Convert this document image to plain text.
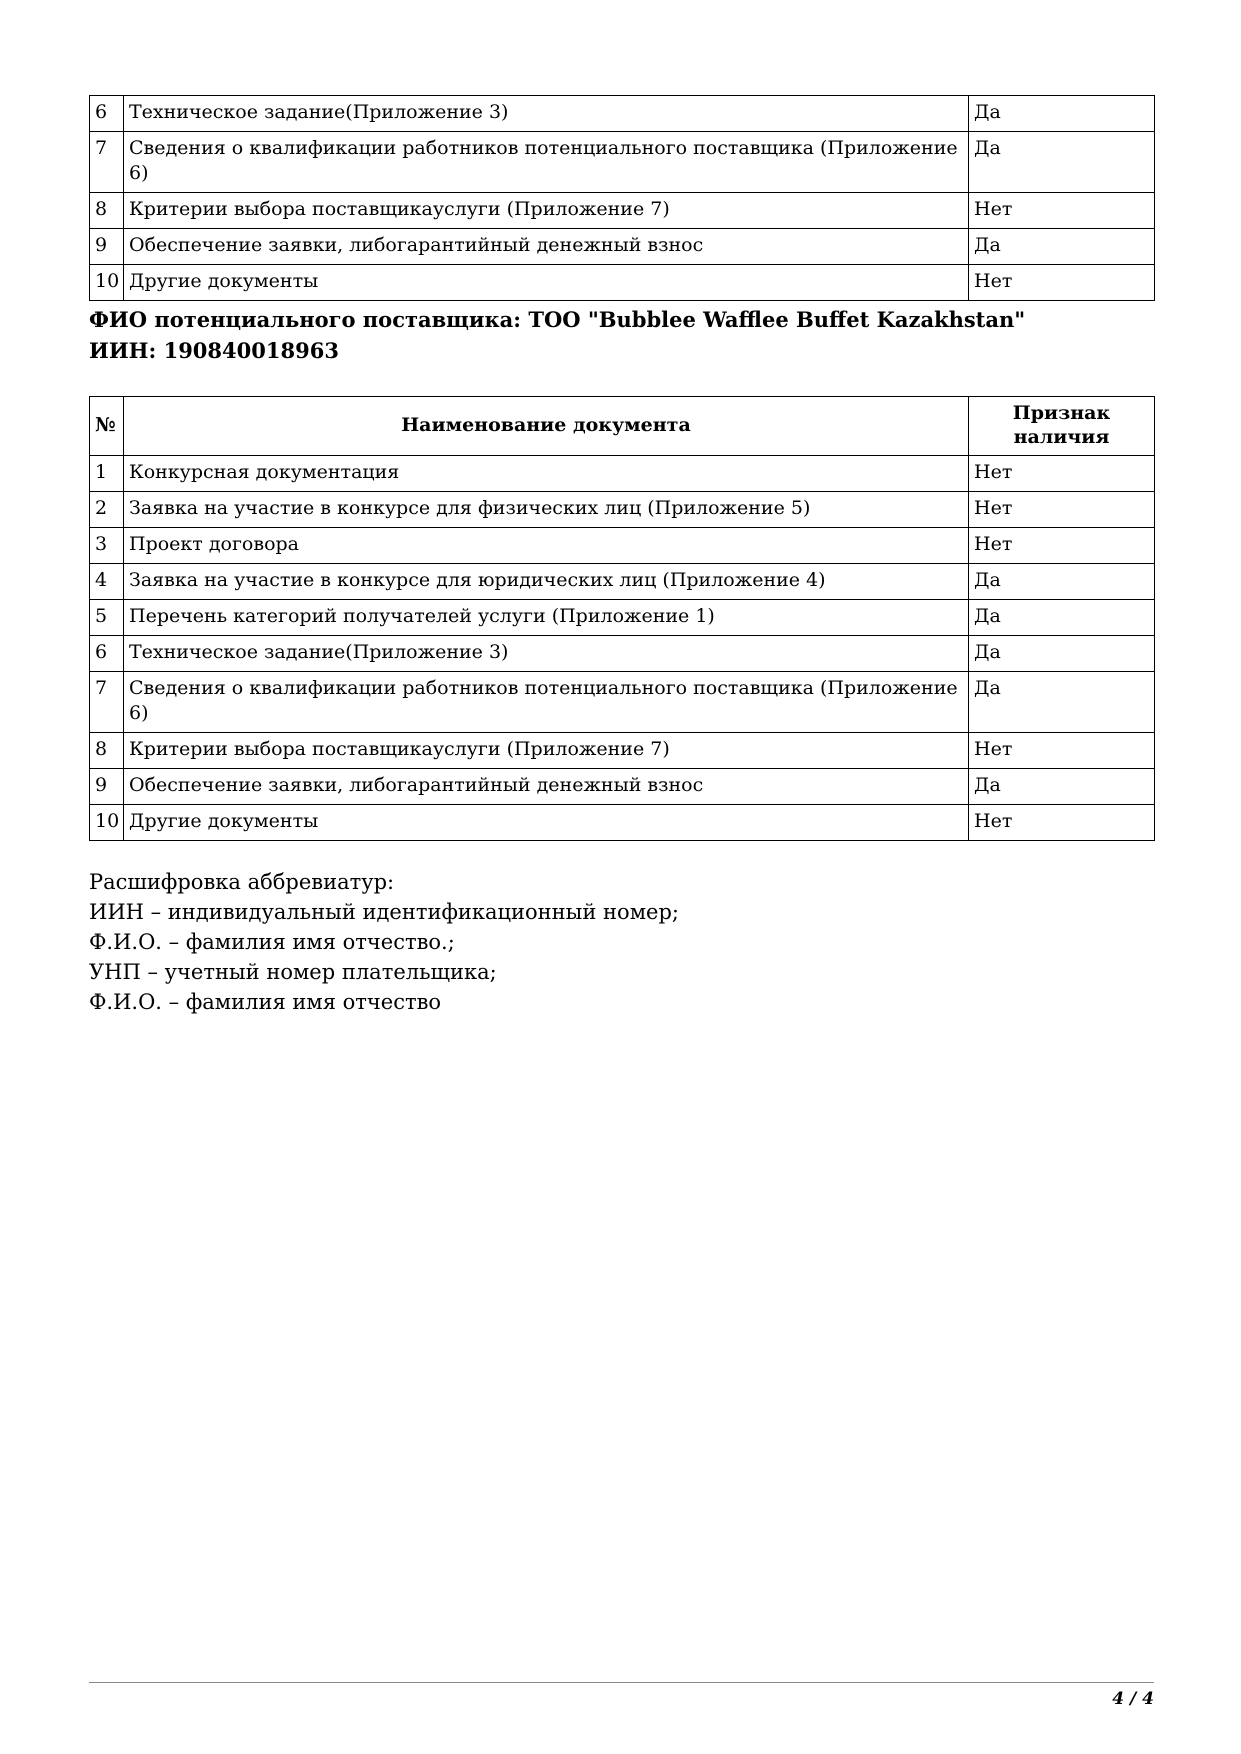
6	Техническое задание(Приложение 3)	Да
7	Сведения о квалификации работников потенциального поставщика (Приложение 6)	Да
8	Критерии выбора поставщикауслуги (Приложение 7)	Нет
9	Обеспечение заявки, либогарантийный денежный взнос	Да
10	Другие документы	Нет
ФИО потенциального поставщика: ТОО "Bubblee Wafflee Buffet Kazakhstan"
ИИН: 190840018963
№	Наименование документа	Признак наличия
1	Конкурсная документация	Нет
2	Заявка на участие в конкурсе для физических лиц (Приложение 5)	Нет
3	Проект договора	Нет
4	Заявка на участие в конкурсе для юридических лиц (Приложение 4)	Да
5	Перечень категорий получателей услуги (Приложение 1)	Да
6	Техническое задание(Приложение 3)	Да
7	Сведения о квалификации работников потенциального поставщика (Приложение 6)	Да
8	Критерии выбора поставщикауслуги (Приложение 7)	Нет
9	Обеспечение заявки, либогарантийный денежный взнос	Да
10	Другие документы	Нет
Расшифровка аббревиатур:
ИИН – индивидуальный идентификационный номер;
Ф.И.О. – фамилия имя отчество.;
УНП – учетный номер плательщика;
Ф.И.О. – фамилия имя отчество
4 / 4
